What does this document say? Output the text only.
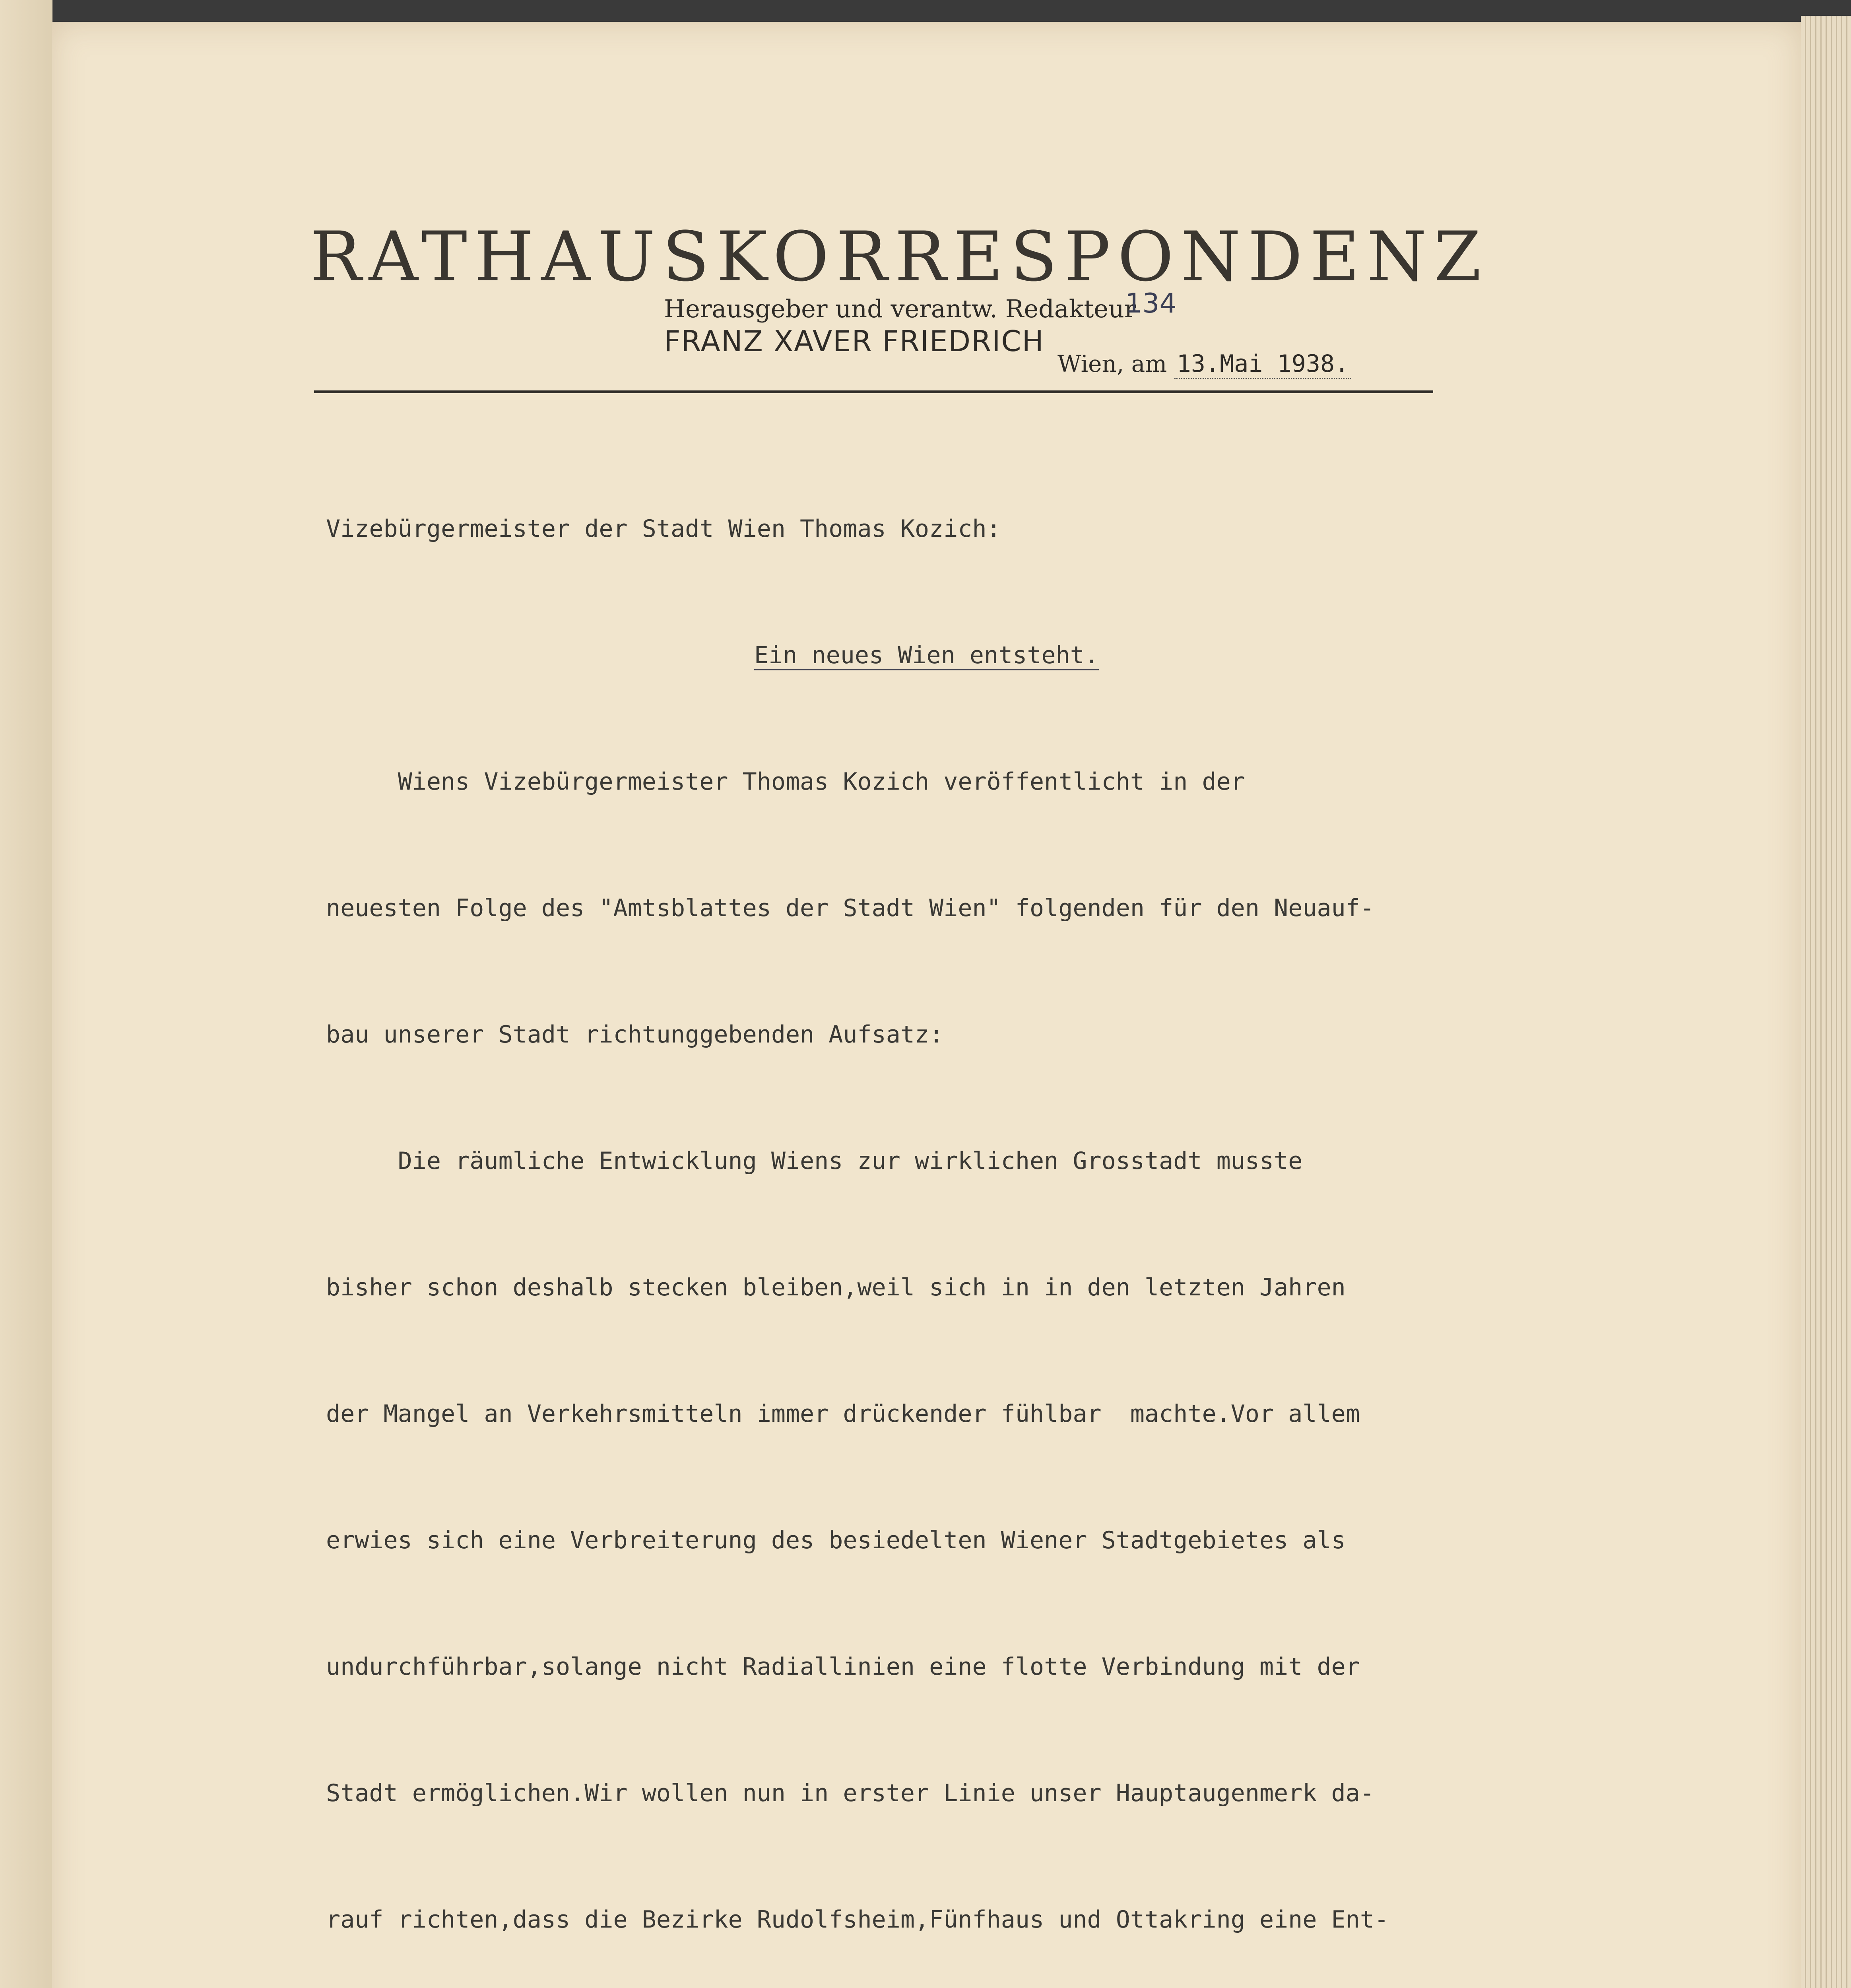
RATHAUSKORRESPONDENZ
Herausgeber und verantw. Redakteur
134
FRANZ XAVER FRIEDRICH
Wien, am 13.Mai 1938.

Vizebürgermeister der Stadt Wien Thomas Kozich:

Ein neues Wien entsteht.

Wiens Vizebürgermeister Thomas Kozich veröffentlicht in der

neuesten Folge des "Amtsblattes der Stadt Wien" folgenden für den Neuauf-

bau unserer Stadt richtunggebenden Aufsatz:

Die räumliche Entwicklung Wiens zur wirklichen Grosstadt musste

bisher schon deshalb stecken bleiben,weil sich in in den letzten Jahren

der Mangel an Verkehrsmitteln immer drückender fühlbar  machte.Vor allem

erwies sich eine Verbreiterung des besiedelten Wiener Stadtgebietes als

undurchführbar,solange nicht Radiallinien eine flotte Verbindung mit der

Stadt ermöglichen.Wir wollen nun in erster Linie unser Hauptaugenmerk da-

rauf richten,dass die Bezirke Rudolfsheim,Fünfhaus und Ottakring eine Ent-
